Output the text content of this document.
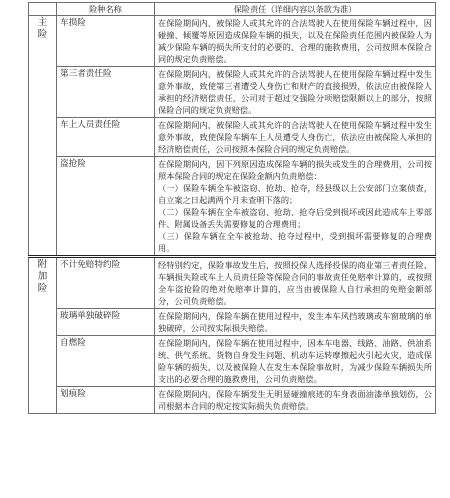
	险种名称	保险责任（详细内容以条款为准）
主
险	车损险	在保险期间内，被保险人或其允许的合法驾驶人在使用保险车辆过程中，因碰撞、倾覆等原因造成保险车辆的损失，以及在保险责任范围内被保险人为减少保险车辆的损失所支付的必要的、合理的施救费用，公司按照本保险合同的规定负责赔偿。

	第三者责任险	在保险期间内，被保险人或其允许的合法驾驶人在使用保险车辆过程中发生意外事故，致使第三者遭受人身伤亡和财产的直接损毁，依法应由被保险人承担的经济赔偿责任，公司对于超过交强险分项赔偿限额以上的部分，按照保险合同的规定负责赔偿。

	车上人员责任险	在保险期间内，被保险人或其允许的合法驾驶人在使用保险车辆过程中发生意外事故，致使保险车辆车上人员遭受人身伤亡，依法应由被保险人承担的经济赔偿责任，公司按照本保险合同的规定负责赔偿。

	盗抢险	在保险期间内，因下列原因造成保险车辆的损失或发生的合理费用，公司按照本保险合同的规定在保险金额内负责赔偿：
（一）保险车辆全车被盗窃、抢劫、抢夺，经县级以上公安部门立案侦查，自立案之日起满两个月未查明下落的；
（二）保险车辆在全车被盗窃、抢劫、抢夺后受到损坏或因此造成车上零部件、附属设备丢失需要修复的合理费用；
（三）保险车辆在全车被抢劫、抢夺过程中，受到损坏需要修复的合理费用。

附
加
险	不计免赔特约险	经特别约定，保险事故发生后，按照投保人选择投保的商业第三者责任险、车辆损失险或车上人员责任险等保险合同的事故责任免赔率计算的，或按照全车盗抢险的绝对免赔率计算的，应当由被保险人自行承担的免赔金额部分，公司负责赔偿。

	玻璃单独破碎险	在保险期间内，保险车辆在使用过程中，发生本车风挡玻璃或车窗玻璃的单独破碎，公司按实际损失赔偿。

	自燃险	在保险期间内，保险车辆在使用过程中，因本车电器、线路、油路、供油系统、供气系统、货物自身发生问题、机动车运转摩擦起火引起火灾，造成保险车辆的损失，以及被保险人在发生本保险事故时，为减少保险车辆损失所支出的必要合理的施救费用，公司负责赔偿。

	划痕险	在保险期间内，保险车辆发生无明显碰撞痕迹的车身表面油漆单独划伤，公司根据本合同的规定按实际损失负责赔偿。
